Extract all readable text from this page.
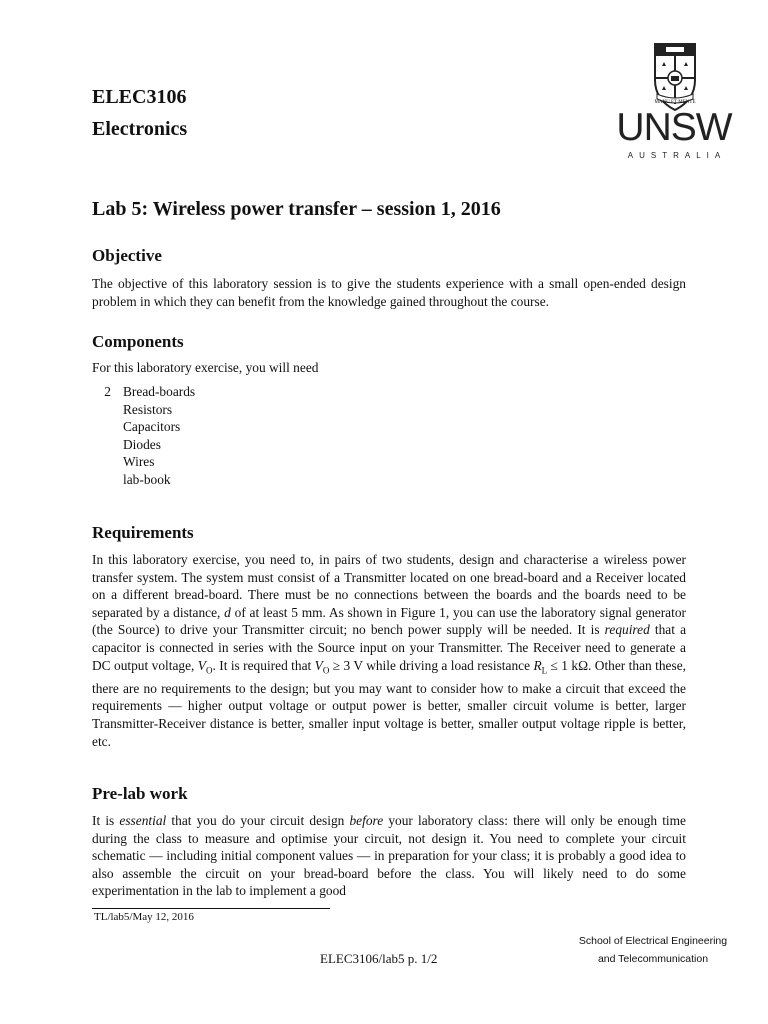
ELEC3106
Electronics
MANU ET MENTE
UNSW
AUSTRALIA
Lab 5: Wireless power transfer – session 1, 2016
Objective

The objective of this laboratory session is to give the students experience with a small open-ended design problem in which they can benefit from the knowledge gained throughout the course.

Components

For this laboratory exercise, you will need

2 Bread-boards
Resistors
Capacitors
Diodes
Wires
lab-book
Requirements

In this laboratory exercise, you need to, in pairs of two students, design and characterise a wireless power transfer system. The system must consist of a Transmitter located on one bread-board and a Receiver located on a different bread-board. There must be no connections between the boards and the boards need to be separated by a distance, d of at least 5 mm. As shown in Figure 1, you can use the laboratory signal generator (the Source) to drive your Transmitter circuit; no bench power supply will be needed. It is required that a capacitor is connected in series with the Source input on your Transmitter. The Receiver need to generate a DC output voltage, $V_O$. It is required that $V_O \ge 3$ V while driving a load resistance $R_L \le 1$ kΩ. Other than these, there are no requirements to the design; but you may want to consider how to make a circuit that exceed the requirements — higher output voltage or output power is better, smaller circuit volume is better, larger Transmitter-Receiver distance is better, smaller input voltage is better, smaller output voltage ripple is better, etc.

Pre-lab work

It is essential that you do your circuit design before your laboratory class: there will only be enough time during the class to measure and optimise your circuit, not design it. You need to complete your circuit schematic — including initial component values — in preparation for your class; it is probably a good idea to also assemble the circuit on your bread-board before the class. You will likely need to do some experimentation in the lab to implement a good

TL/lab5/May 12, 2016
ELEC3106/lab5 p. 1/2
School of Electrical Engineering
and Telecommunication
